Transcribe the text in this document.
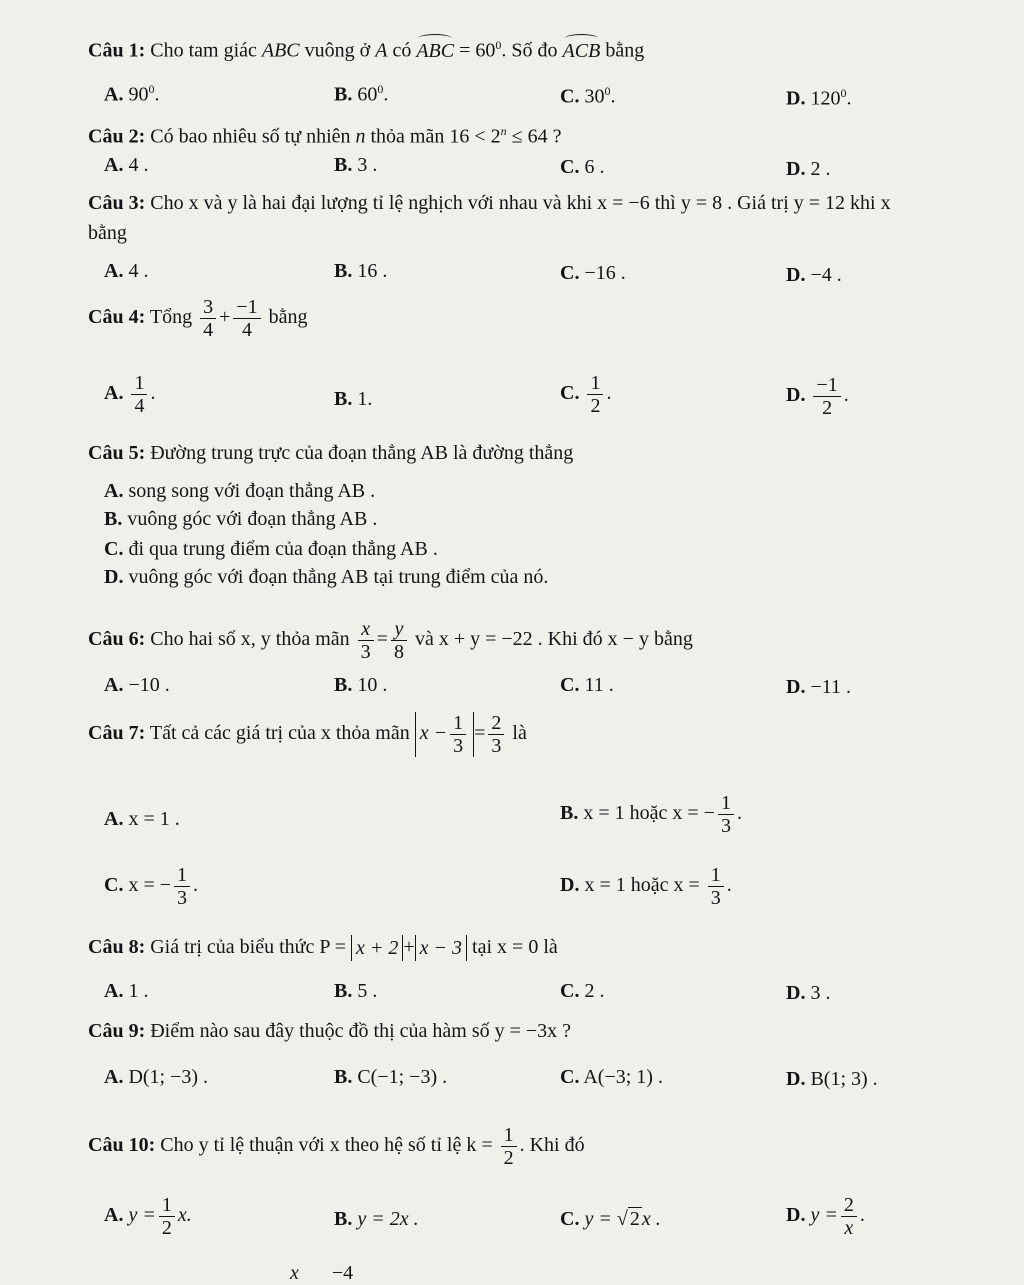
Câu 1: Cho tam giác ABC vuông ở A có ABC = $60^0$. Số đo ACB bằng
A. $90^0$.	B. $60^0$.	C. $30^0$.	D. $120^0$.
Câu 2: Có bao nhiêu số tự nhiên n thỏa mãn $16 < 2^n \le 64$ ?
A. 4 .	B. 3 .	C. 6 .	D. 2 .
Câu 3: Cho x và y là hai đại lượng tỉ lệ nghịch với nhau và khi x = −6 thì y = 8 . Giá trị y = 12 khi x
bằng
A. 4 .	B. 16 .	C. −16 .	D. −4 .
Câu 4: Tổng $\frac{3}{4} + \frac{-1}{4}$ bằng
A. $\frac{1}{4}$ .	B. 1.	C. $\frac{1}{2}$ .	D. $\frac{-1}{2}$ .
Câu 5: Đường trung trực của đoạn thẳng AB là đường thẳng
A. song song với đoạn thẳng AB .
B. vuông góc với đoạn thẳng AB .
C. đi qua trung điểm của đoạn thẳng AB .
D. vuông góc với đoạn thẳng AB tại trung điểm của nó.
Câu 6: Cho hai số x, y thỏa mãn $\frac{x}{3} = \frac{y}{8}$ và x + y = −22 . Khi đó x − y bằng
A. −10 .	B. 10 .	C. 11 .	D. −11 .
Câu 7: Tất cả các giá trị của x thỏa mãn $x - \frac{1}{3} = \frac{2}{3}$ là
A. x = 1 .	B. x = 1 hoặc x = − $\frac{1}{3}$ .
C. x = − $\frac{1}{3}$ .	D. x = 1 hoặc $x = \frac{1}{3}$ .
Câu 8: Giá trị của biểu thức P = x + 2 + x − 3 tại x = 0 là
A. 1 .	B. 5 .	C. 2 .	D. 3 .
Câu 9: Điểm nào sau đây thuộc đồ thị của hàm số y = −3x ?
A. D(1; −3) .	B. C(−1; −3) .	C. A(−3; 1) .	D. B(1; 3) .
Câu 10: Cho y tỉ lệ thuận với x theo hệ số tỉ lệ $k = \frac{1}{2}$ . Khi đó
A. $y = \frac{1}{2} x$.	B. y = 2x .	C. y = √ 2 x .	D. $y = \frac{2}{x}$ .
x −4
